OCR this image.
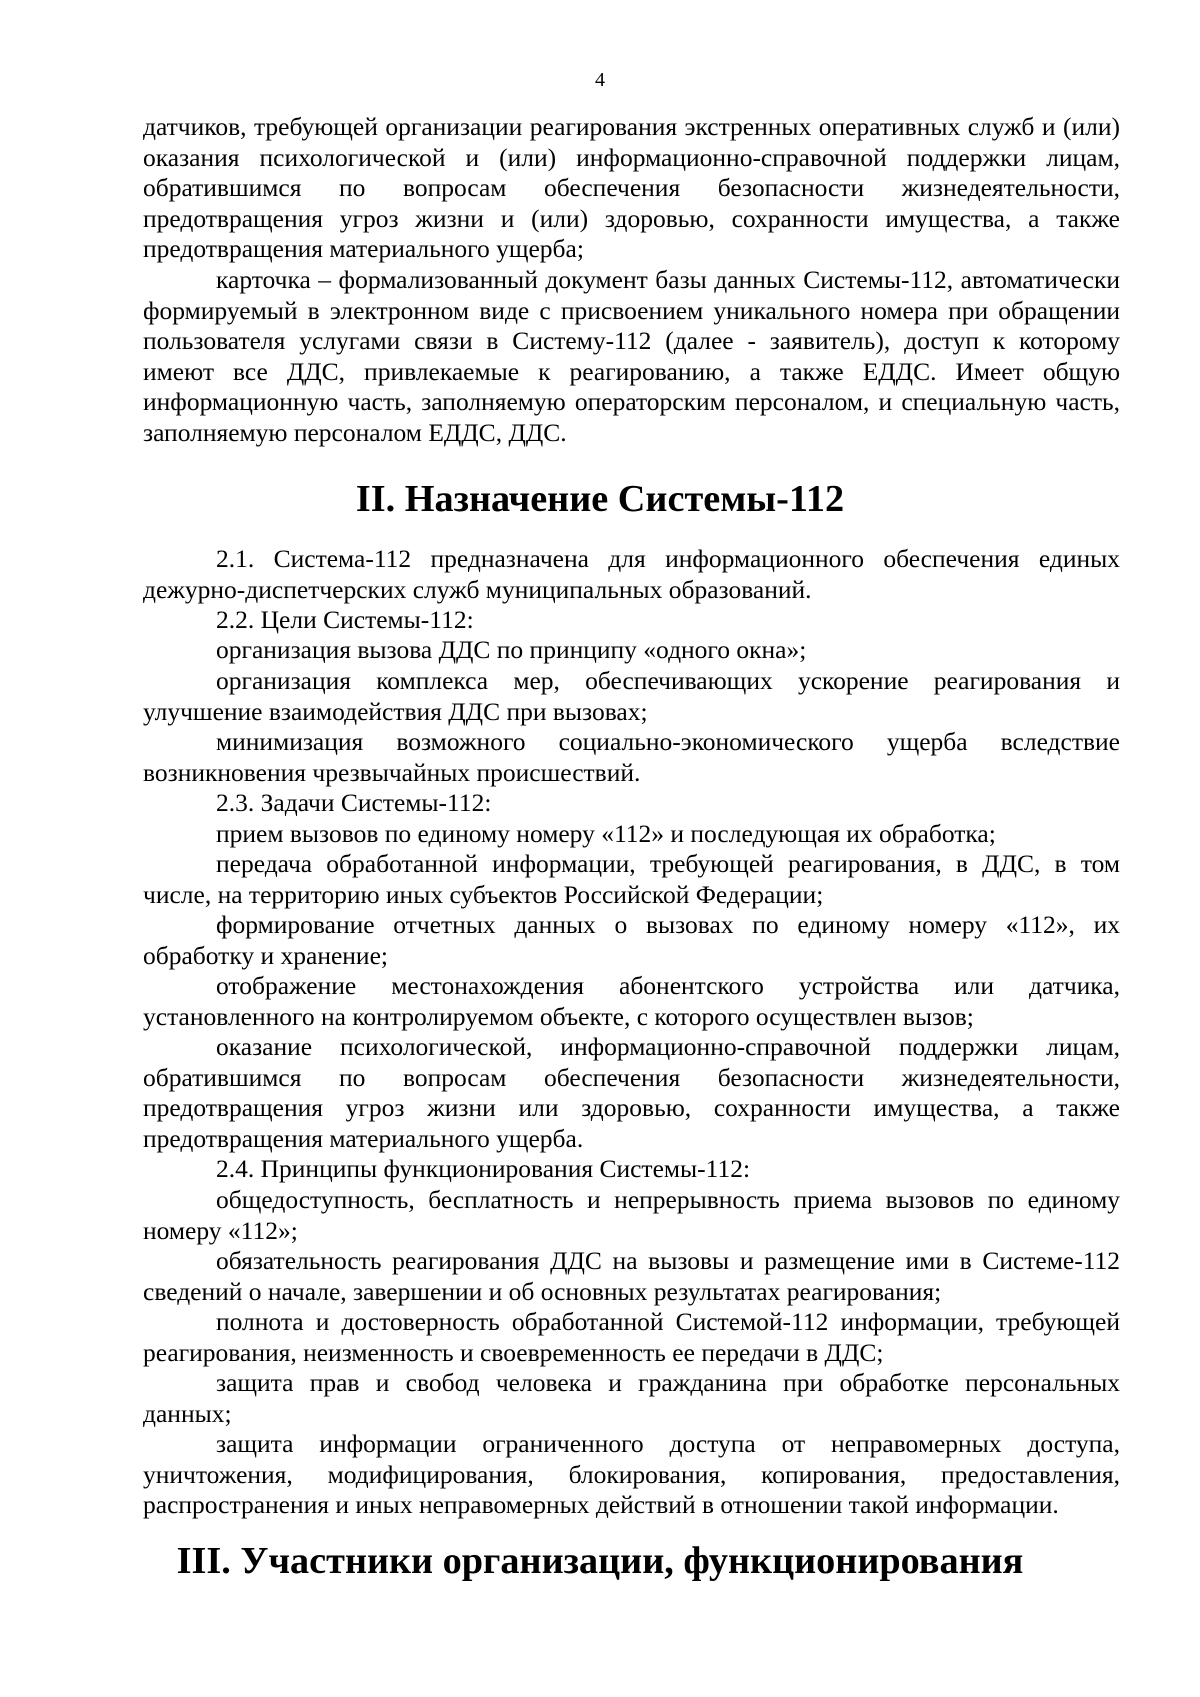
4

датчиков, требующей организации реагирования экстренных оперативных служб и (или) оказания психологической и (или) информационно-справочной поддержки лицам, обратившимся по вопросам обеспечения безопасности жизнедеятельности, предотвращения угроз жизни и (или) здоровью, сохранности имущества, а также предотвращения материального ущерба;

карточка – формализованный документ базы данных Системы-112, автоматически формируемый в электронном виде с присвоением уникального номера при обращении пользователя услугами связи в Систему-112 (далее - заявитель), доступ к которому имеют все ДДС, привлекаемые к реагированию, а также ЕДДС. Имеет общую информационную часть, заполняемую операторским персоналом, и специальную часть, заполняемую персоналом ЕДДС, ДДС.

II. Назначение Системы-112

2.1. Система-112 предназначена для информационного обеспечения единых дежурно-диспетчерских служб муниципальных образований.

2.2. Цели Системы-112:

организация вызова ДДС по принципу «одного окна»;

организация комплекса мер, обеспечивающих ускорение реагирования и улучшение взаимодействия ДДС при вызовах;

минимизация возможного социально-экономического ущерба вследствие возникновения чрезвычайных происшествий.

2.3. Задачи Системы-112:

прием вызовов по единому номеру «112» и последующая их обработка;

передача обработанной информации, требующей реагирования, в ДДС, в том числе, на территорию иных субъектов Российской Федерации;

формирование отчетных данных о вызовах по единому номеру «112», их обработку и хранение;

отображение местонахождения абонентского устройства или датчика, установленного на контролируемом объекте, с которого осуществлен вызов;

оказание психологической, информационно-справочной поддержки лицам, обратившимся по вопросам обеспечения безопасности жизнедеятельности, предотвращения угроз жизни или здоровью, сохранности имущества, а также предотвращения материального ущерба.

2.4. Принципы функционирования Системы-112:

общедоступность, бесплатность и непрерывность приема вызовов по единому номеру «112»;

обязательность реагирования ДДС на вызовы и размещение ими в Системе-112 сведений о начале, завершении и об основных результатах реагирования;

полнота и достоверность обработанной Системой-112 информации, требующей реагирования, неизменность и своевременность ее передачи в ДДС;

защита прав и свобод человека и гражданина при обработке персональных данных;

защита информации ограниченного доступа от неправомерных доступа, уничтожения, модифицирования, блокирования, копирования, предоставления, распространения и иных неправомерных действий в отношении такой информации.

III. Участники организации, функционирования
